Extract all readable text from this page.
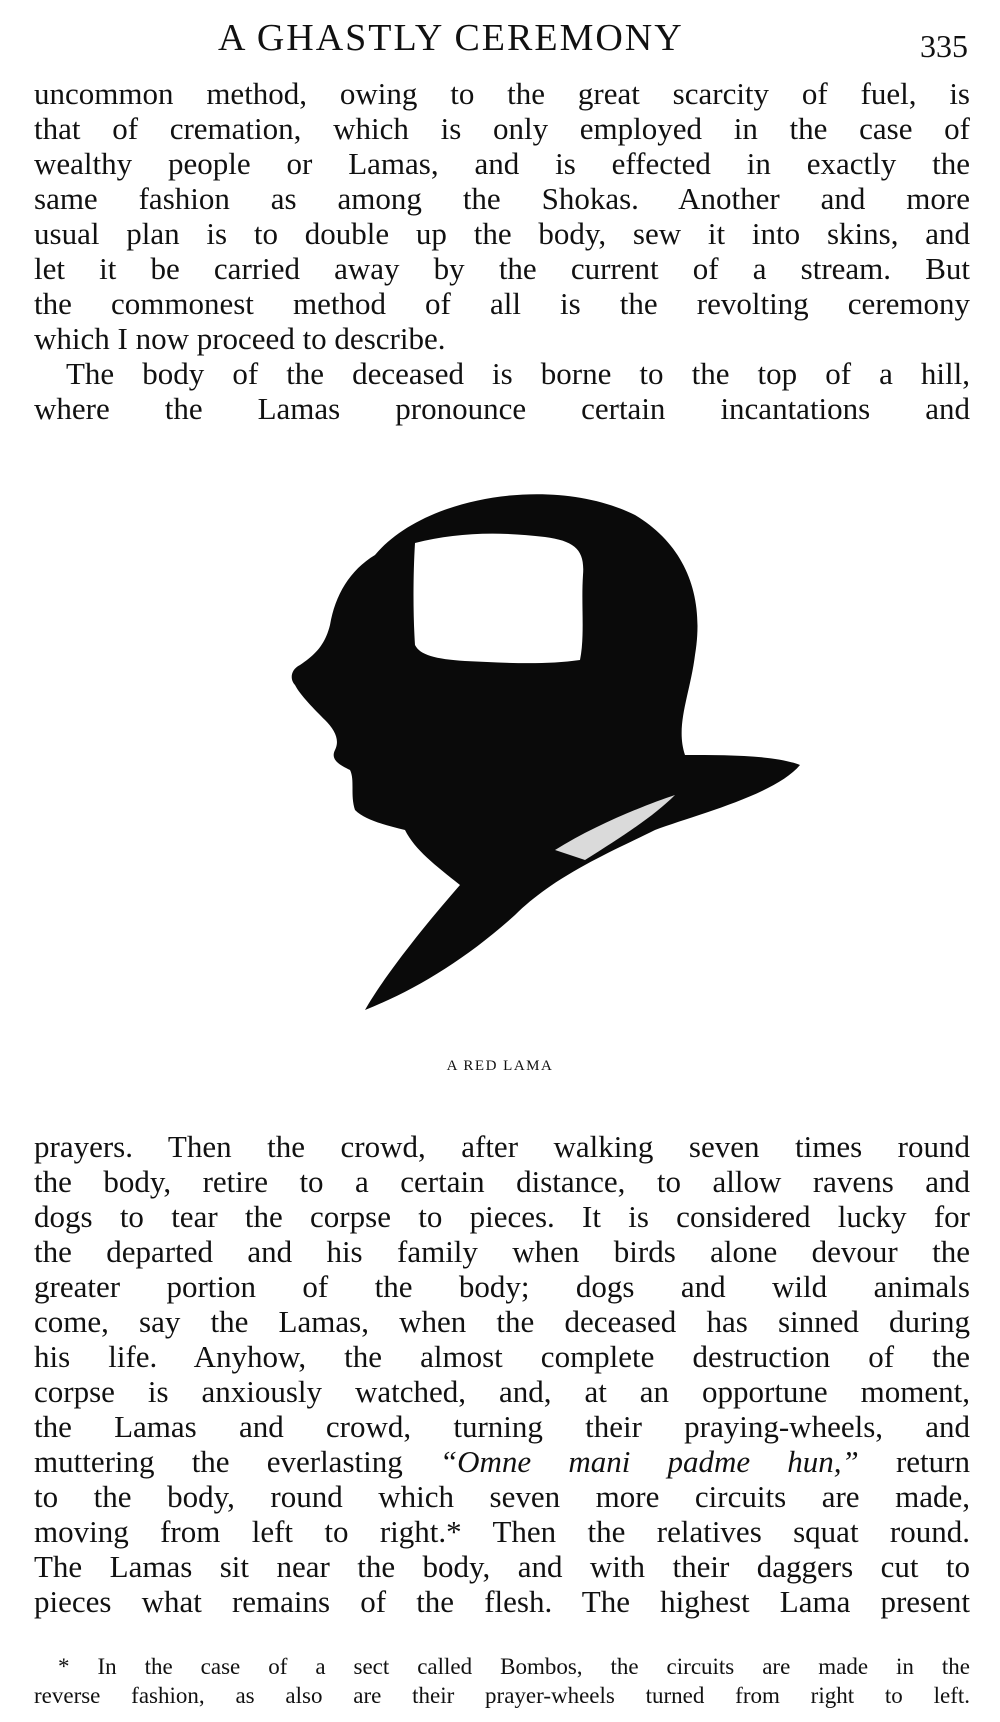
A GHASTLY CEREMONY	335
uncommon method, owing to the great scarcity of fuel, is
that of cremation, which is only employed in the case of
wealthy people or Lamas, and is effected in exactly the
same fashion as among the Shokas. Another and more
usual plan is to double up the body, sew it into skins, and
let it be carried away by the current of a stream. But
the commonest method of all is the revolting ceremony
which I now proceed to describe.
The body of the deceased is borne to the top of a hill,
where the Lamas pronounce certain incantations and
A RED LAMA
prayers. Then the crowd, after walking seven times round
the body, retire to a certain distance, to allow ravens and
dogs to tear the corpse to pieces. It is considered lucky for
the departed and his family when birds alone devour the
greater portion of the body; dogs and wild animals
come, say the Lamas, when the deceased has sinned during
his life. Anyhow, the almost complete destruction of the
corpse is anxiously watched, and, at an opportune moment,
the Lamas and crowd, turning their praying-wheels, and
muttering the everlasting “Omne mani padme hun,” return
to the body, round which seven more circuits are made,
moving from left to right.* Then the relatives squat round.
The Lamas sit near the body, and with their daggers cut to
pieces what remains of the flesh. The highest Lama present
* In the case of a sect called Bombos, the circuits are made in the
reverse fashion, as also are their prayer-wheels turned from right to left.
